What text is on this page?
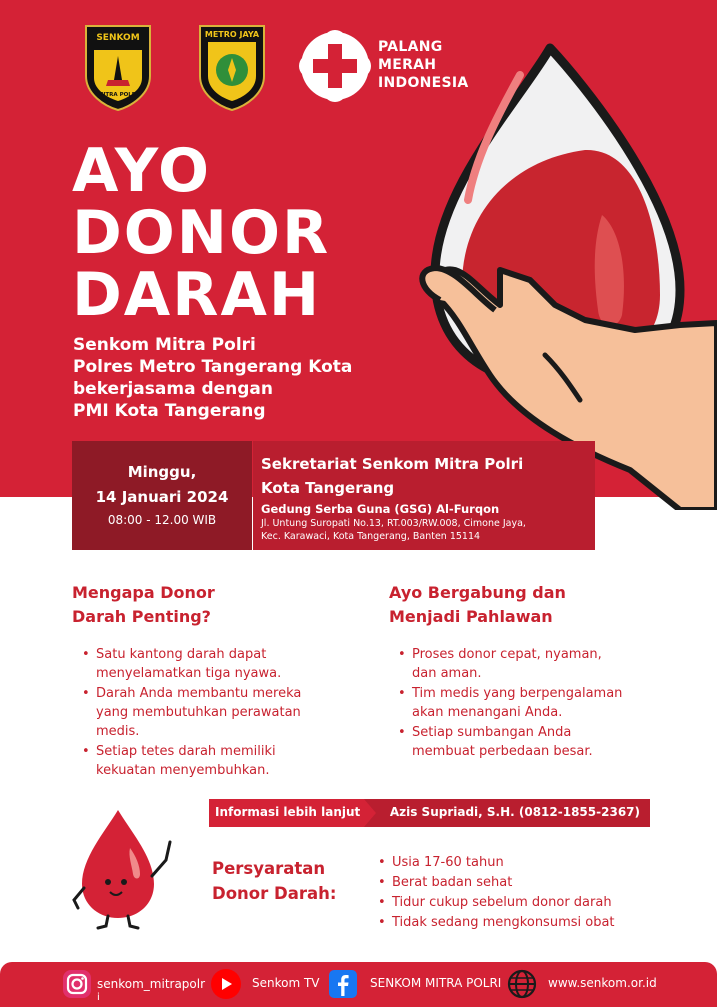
SENKOM
MITRA POLRI
METRO JAYA
PALANG
MERAH
INDONESIA
AYO
DONOR
DARAH
Senkom Mitra Polri
Polres Metro Tangerang Kota
bekerjasama dengan
PMI Kota Tangerang
Minggu,
14 Januari 2024
08:00 - 12.00 WIB
Sekretariat Senkom Mitra Polri
Kota Tangerang
Gedung Serba Guna (GSG) Al-Furqon
Jl. Untung Suropati No.13, RT.003/RW.008, Cimone Jaya,
Kec. Karawaci, Kota Tangerang, Banten 15114
Mengapa Donor
Darah Penting?
• Satu kantong darah dapat
menyelamatkan tiga nyawa.
• Darah Anda membantu mereka
yang membutuhkan perawatan
medis.
• Setiap tetes darah memiliki
kekuatan menyembuhkan.
Ayo Bergabung dan
Menjadi Pahlawan
• Proses donor cepat, nyaman,
dan aman.
• Tim medis yang berpengalaman
akan menangani Anda.
• Setiap sumbangan Anda
membuat perbedaan besar.
Informasi lebih lanjut Azis Supriadi, S.H. (0812-1855-2367)
Persyaratan
Donor Darah:
• Usia 17-60 tahun
• Berat badan sehat
• Tidur cukup sebelum donor darah
• Tidak sedang mengkonsumsi obat
senkom_mitrapolr
i
Senkom TV	SENKOM MITRA POLRI	www.senkom.or.id
